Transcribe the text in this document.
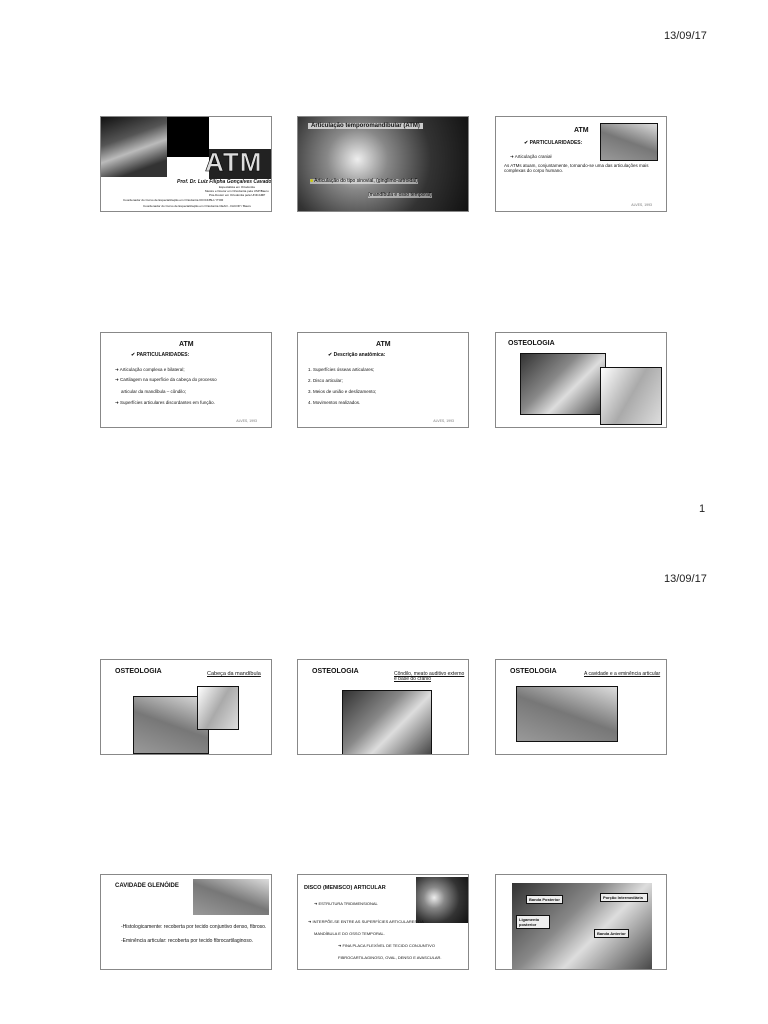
13/09/17
1
13/09/17
ATM
Prof. Dr. Luiz Filipha Gonçalves Cavado
Especialista em Ortodontia
Mestre e Doutor em Ortodontia pela USP/Bauru
Pós-Doutor em Ortodontia pela UNICAMP
Coordenador do Curso de Especialização em Ortodontia IOOCF/BH / ITOR
Coordenador do Curso de Especialização em Ortodontia CEAO - FACOP / Bauru
Articulação temporomandibular (ATM)
■ Articulação do tipo sinovial, (ginglimo-artroidal)
(mandíbula e osso temporal)
ATM
✔ PARTICULARIDADES:
➜ Articulação craniał
As ATMs atuam, conjuntamente, tornando-se uma das articulações mais complexas do corpo humano.
ALVES, 1993
ATM
✔ PARTICULARIDADES:
➜ Articulação complexa e bilateral;
➜ Cartilagem na superfície da cabeça do processo
articular da mandíbula – côndilo;
➜ Superfícies articulares discordantes em função.
ALVES, 1993
ATM
✔ Descrição anatômica:
1. Superfícies ósseas articulares;
2. Disco articular;
3. Meios de união e deslizamento;
4. Movimentos realizados.
ALVES, 1993
OSTEOLOGIA
OSTEOLOGIA	Cabeça da mandíbula	OSTEOLOGIA	Côndilo, meato auditivo externo e base do crânio
OSTEOLOGIA	A cavidade e a eminência articular
CAVIDADE GLENÓIDE
-Histologicamente: recoberta por tecido conjuntivo denso, fibroso.
-Eminência articular: recoberta por tecido fibrocartilaginoso.
DISCO (MENISCO) ARTICULAR
➜ ESTRUTURA TRIDIMENSIONAL
➜ INTERPÕE-SE ENTRE AS SUPERFÍCIES ARTICULARES DA
MANDÍBULA E DO OSSO TEMPORAL.
➜ FINA PLACA FLEXÍVEL DE TECIDO CONJUNTIVO
FIBROCARTILAGINOSO, OVAL, DENSO E AVASCULAR.
Banda Posterior	Porção Intermediária
Ligamento posterior
Banda Anterior
